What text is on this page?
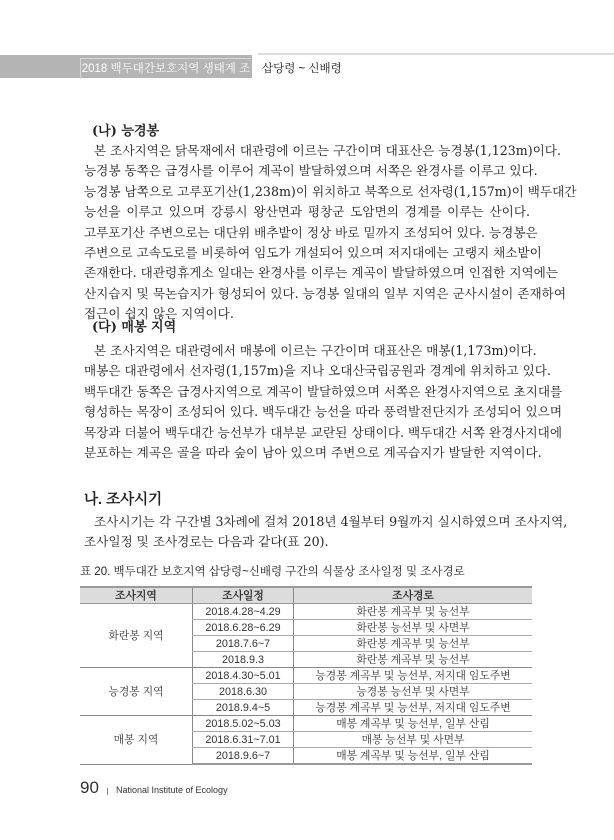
2018 백두대간보호지역 생태계 조사
삽당령 ~ 신배령
(나) 능경봉
본 조사지역은 닭목재에서 대관령에 이르는 구간이며 대표산은 능경봉(1,123m)이다.
능경봉 동쪽은 급경사를 이루어 계곡이 발달하였으며 서쪽은 완경사를 이루고 있다.
능경봉 남쪽으로 고루포기산(1,238m)이 위치하고 북쪽으로 선자령(1,157m)이 백두대간
능선을 이루고 있으며 강릉시 왕산면과 평창군 도암면의 경계를 이루는 산이다.
고루포기산 주변으로는 대단위 배추밭이 정상 바로 밑까지 조성되어 있다. 능경봉은
주변으로 고속도로를 비롯하여 임도가 개설되어 있으며 저지대에는 고랭지 채소밭이
존재한다. 대관령휴게소 일대는 완경사를 이루는 계곡이 발달하였으며 인접한 지역에는
산지습지 및 묵논습지가 형성되어 있다. 능경봉 일대의 일부 지역은 군사시설이 존재하여
접근이 쉽지 않은 지역이다.
(다) 매봉 지역
본 조사지역은 대관령에서 매봉에 이르는 구간이며 대표산은 매봉(1,173m)이다.
매봉은 대관령에서 선자령(1,157m)을 지나 오대산국립공원과 경계에 위치하고 있다.
백두대간 동쪽은 급경사지역으로 계곡이 발달하였으며 서쪽은 완경사지역으로 초지대를
형성하는 목장이 조성되어 있다. 백두대간 능선을 따라 풍력발전단지가 조성되어 있으며
목장과 더불어 백두대간 능선부가 대부분 교란된 상태이다. 백두대간 서쪽 완경사지대에
분포하는 계곡은 골을 따라 숲이 남아 있으며 주변으로 계곡습지가 발달한 지역이다.
나. 조사시기
조사시기는 각 구간별 3차례에 걸쳐 2018년 4월부터 9월까지 실시하였으며 조사지역,
조사일정 및 조사경로는 다음과 같다(표 20).
표 20. 백두대간 보호지역 삽당령~신배령 구간의 식물상 조사일정 및 조사경로
조사지역	조사일정	조사경로
화란봉 지역	2018.4.28~4.29	화란봉 계곡부 및 능선부
	2018.6.28~6.29	화란봉 능선부 및 사면부
	2018.7.6~7	화란봉 계곡부 및 능선부
	2018.9.3	화란봉 계곡부 및 능선부
능경봉 지역	2018.4.30~5.01	능경봉 계곡부 및 능선부, 저지대 임도주변
	2018.6.30	능경봉 능선부 및 사면부
	2018.9.4~5	능경봉 계곡부 및 능선부, 저지대 임도주변
매봉 지역	2018.5.02~5.03	매봉 계곡부 및 능선부, 일부 산림
	2018.6.31~7.01	매봉 능선부 및 사면부
	2018.9.6~7	매봉 계곡부 및 능선부, 일부 산림
90 National Institute of Ecology
